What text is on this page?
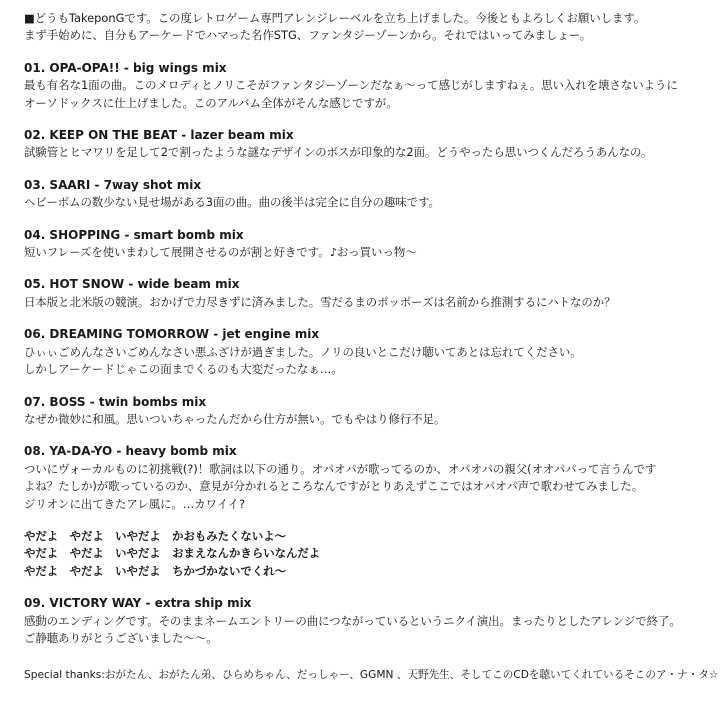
■どうもTakeponGです。この度レトロゲーム専門アレンジレーベルを立ち上げました。今後ともよろしくお願いします。

まず手始めに、自分もアーケードでハマった名作STG、ファンタジーゾーンから。それではいってみましょー。

01. OPA-OPA!! - big wings mix

最も有名な1面の曲。このメロディとノリこそがファンタジーゾーンだなぁ～って感じがしますねぇ。思い入れを壊さないように

オーソドックスに仕上げました。このアルバム全体がそんな感じですが。

02. KEEP ON THE BEAT - lazer beam mix

試験管とヒマワリを足して2で割ったような謎なデザインのボスが印象的な2面。どうやったら思いつくんだろうあんなの。

03. SAARI - 7way shot mix

ヘビーボムの数少ない見せ場がある3面の曲。曲の後半は完全に自分の趣味です。

04. SHOPPING - smart bomb mix

短いフレーズを使いまわして展開させるのが割と好きです。♪おっ買いっ物～

05. HOT SNOW - wide beam mix

日本版と北米版の競演。おかげで力尽きずに済みました。雪だるまのポッポーズは名前から推測するにハトなのか？

06. DREAMING TOMORROW - jet engine mix

ひぃぃごめんなさいごめんなさい悪ふざけが過ぎました。ノリの良いとこだけ聴いてあとは忘れてください。

しかしアーケードじゃこの面までくるのも大変だったなぁ…。

07. BOSS - twin bombs mix

なぜか微妙に和風。思いついちゃったんだから仕方が無い。でもやはり修行不足。

08. YA-DA-YO - heavy bomb mix

ついにヴォーカルものに初挑戦(?)！歌詞は以下の通り。オパオパが歌ってるのか、オパオパの親父(オオパパって言うんです

よね？たしか)が歌っているのか、意見が分かれるところなんですがとりあえずここではオパオパ声で歌わせてみました。

ジリオンに出てきたアレ風に。…カワイイ?

やだよ　やだよ　いやだよ　かおもみたくないよ～

やだよ　やだよ　いやだよ　おまえなんかきらいなんだよ

やだよ　やだよ　いやだよ　ちかづかないでくれ～

09. VICTORY WAY - extra ship mix

感動のエンディングです。そのままネームエントリーの曲につながっているというニクイ演出。まったりとしたアレンジで終了。

ご静聴ありがとうございました～～。

Special thanks:おがたん、おがたん弟、ひらめちゃん、だっしゃー、GGMN 、天野先生、そしてこのCDを聴いてくれているそこのア・ナ・タ☆
